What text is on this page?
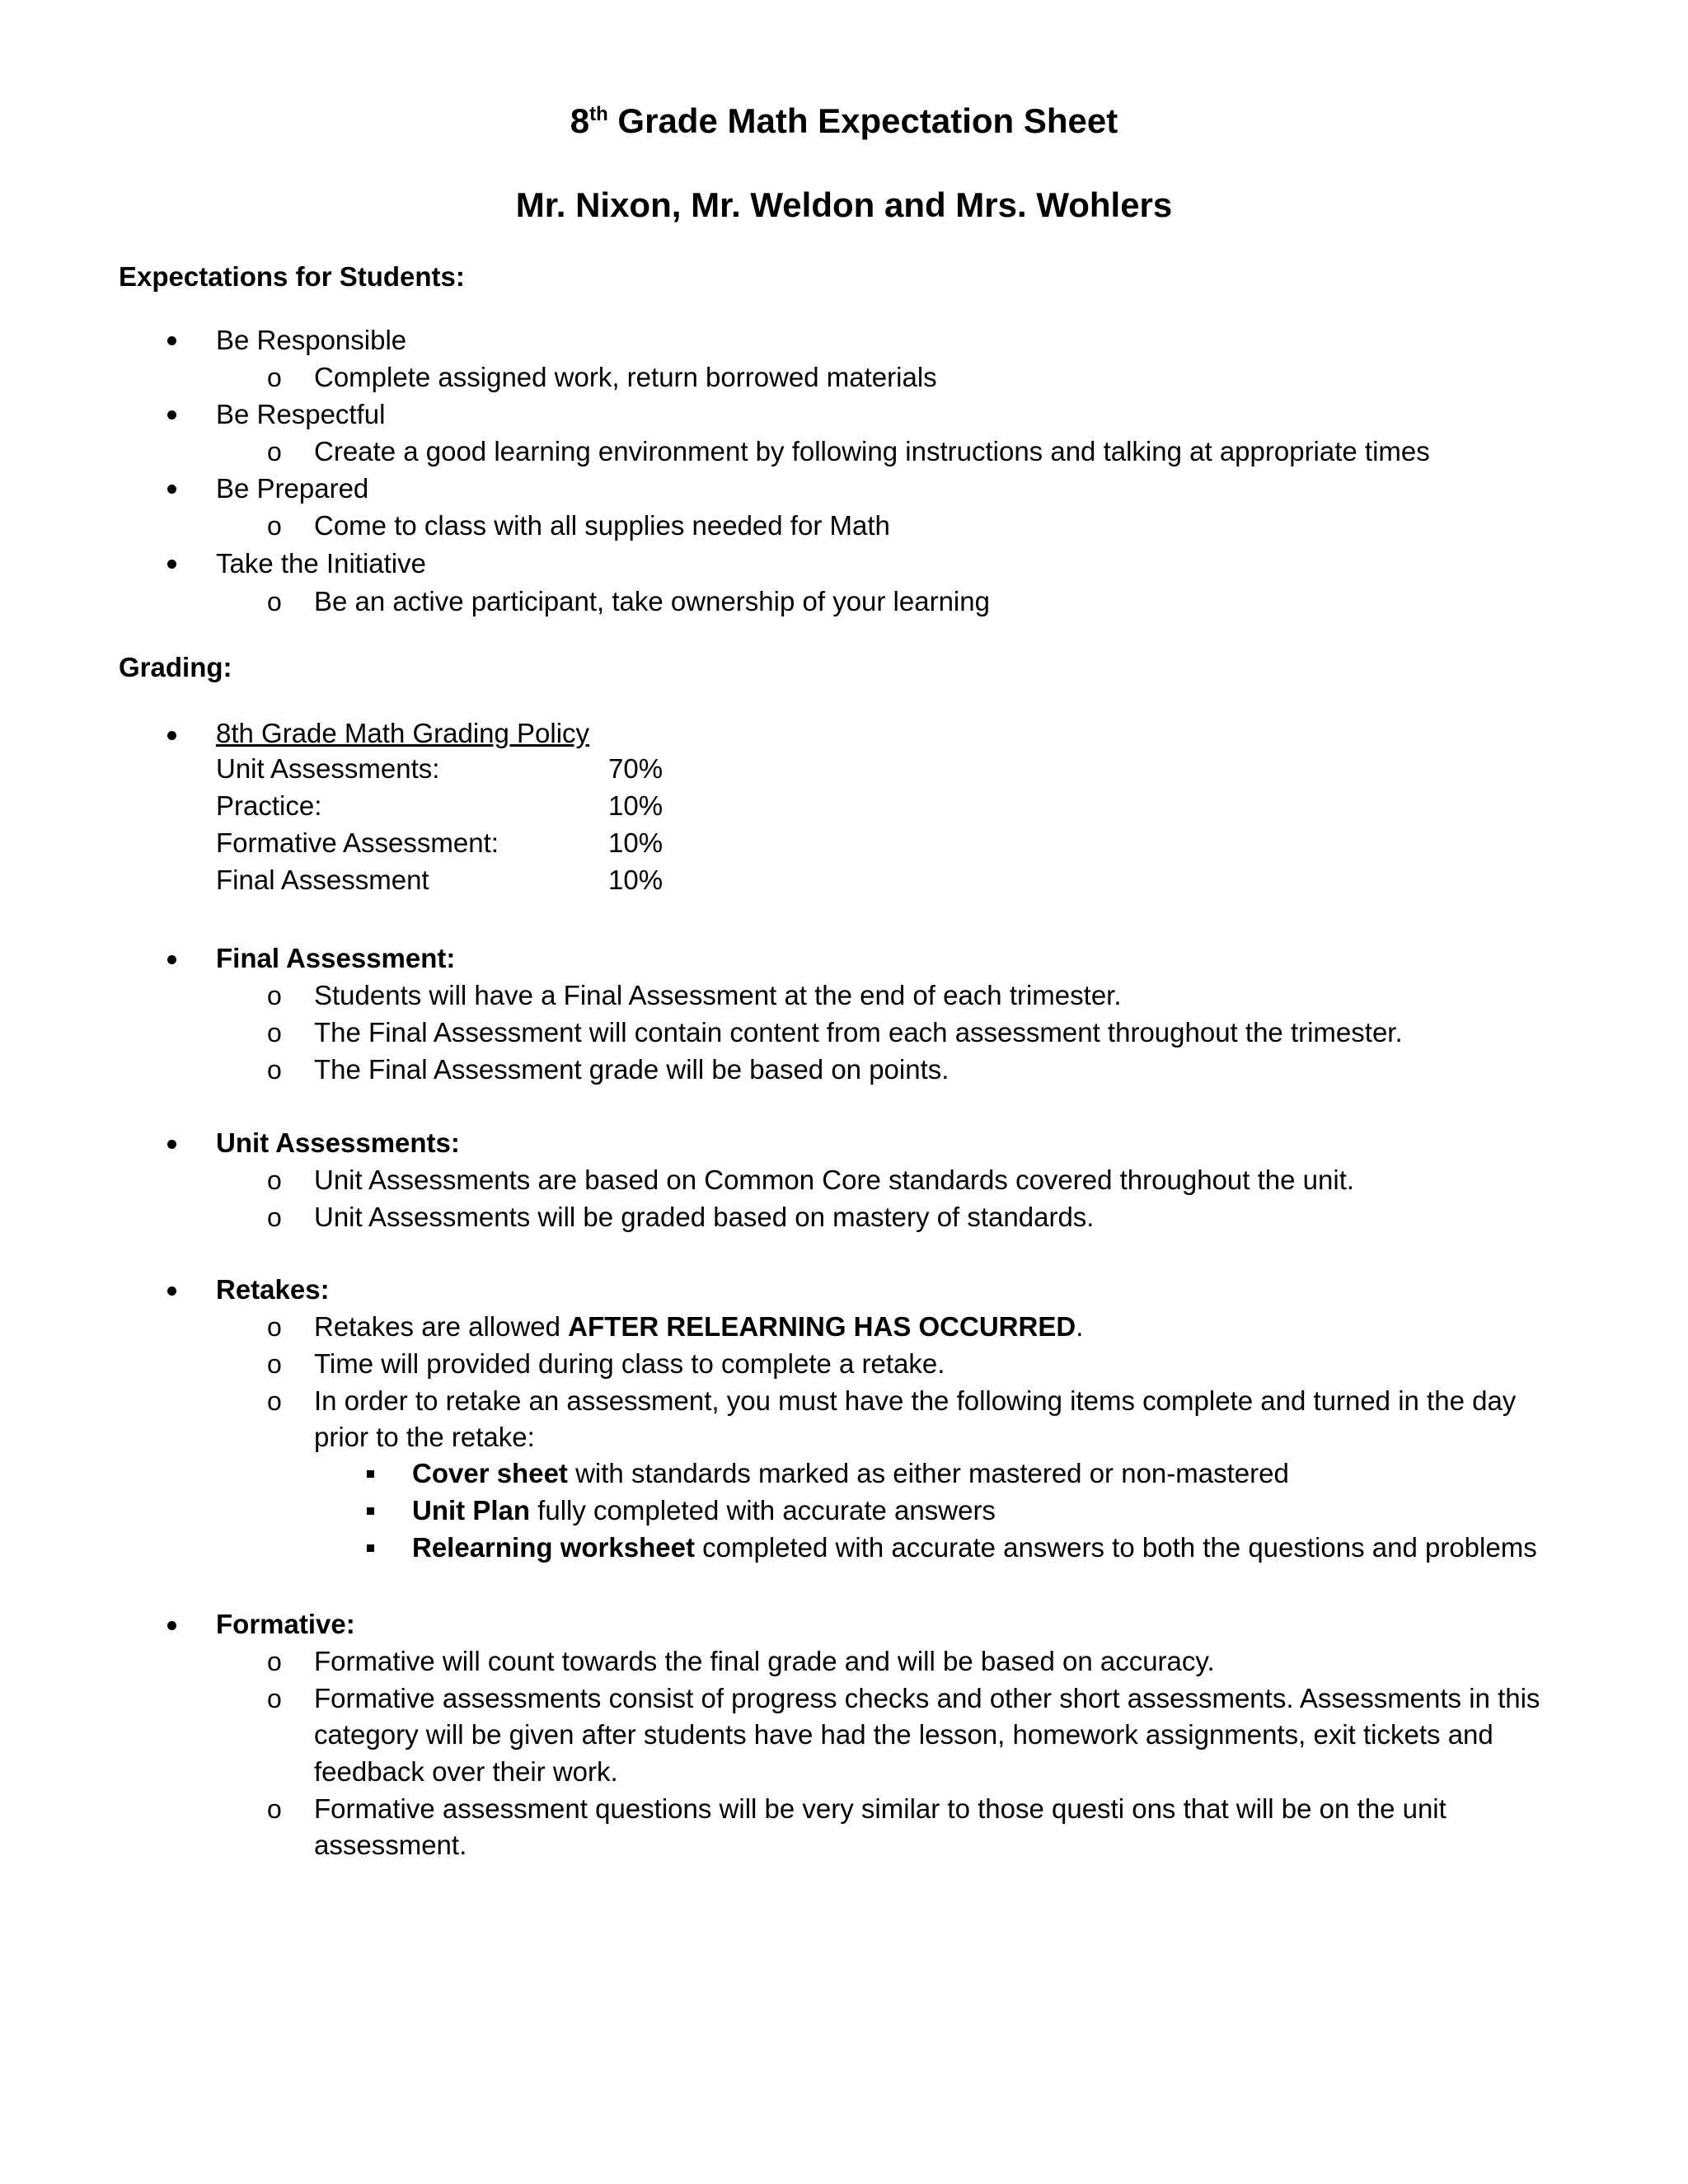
8th Grade Math Expectation Sheet
Mr. Nixon, Mr. Weldon and Mrs. Wohlers
Expectations for Students:
Be Responsible
o Complete assigned work, return borrowed materials
Be Respectful
o Create a good learning environment by following instructions and talking at appropriate times
Be Prepared
o Come to class with all supplies needed for Math
Take the Initiative
o Be an active participant, take ownership of your learning
Grading:
8th Grade Math Grading Policy
Unit Assessments:	70%
Practice:	10%
Formative Assessment:	10%
Final Assessment	10%
Final Assessment:
o Students will have a Final Assessment at the end of each trimester.
o The Final Assessment will contain content from each assessment throughout the trimester.
o The Final Assessment grade will be based on points.
Unit Assessments:
o Unit Assessments are based on Common Core standards covered throughout the unit.
o Unit Assessments will be graded based on mastery of standards.
Retakes:
o Retakes are allowed AFTER RELEARNING HAS OCCURRED.
o Time will provided during class to complete a retake.
o In order to retake an assessment, you must have the following items complete and turned in the day
prior to the retake:
Cover sheet with standards marked as either mastered or non-mastered
Unit Plan fully completed with accurate answers
Relearning worksheet completed with accurate answers to both the questions and problems
Formative:
o Formative will count towards the final grade and will be based on accuracy.
o Formative assessments consist of progress checks and other short assessments. Assessments in this
category will be given after students have had the lesson, homework assignments, exit tickets and
feedback over their work.
o Formative assessment questions will be very similar to those questi ons that will be on the unit
assessment.
